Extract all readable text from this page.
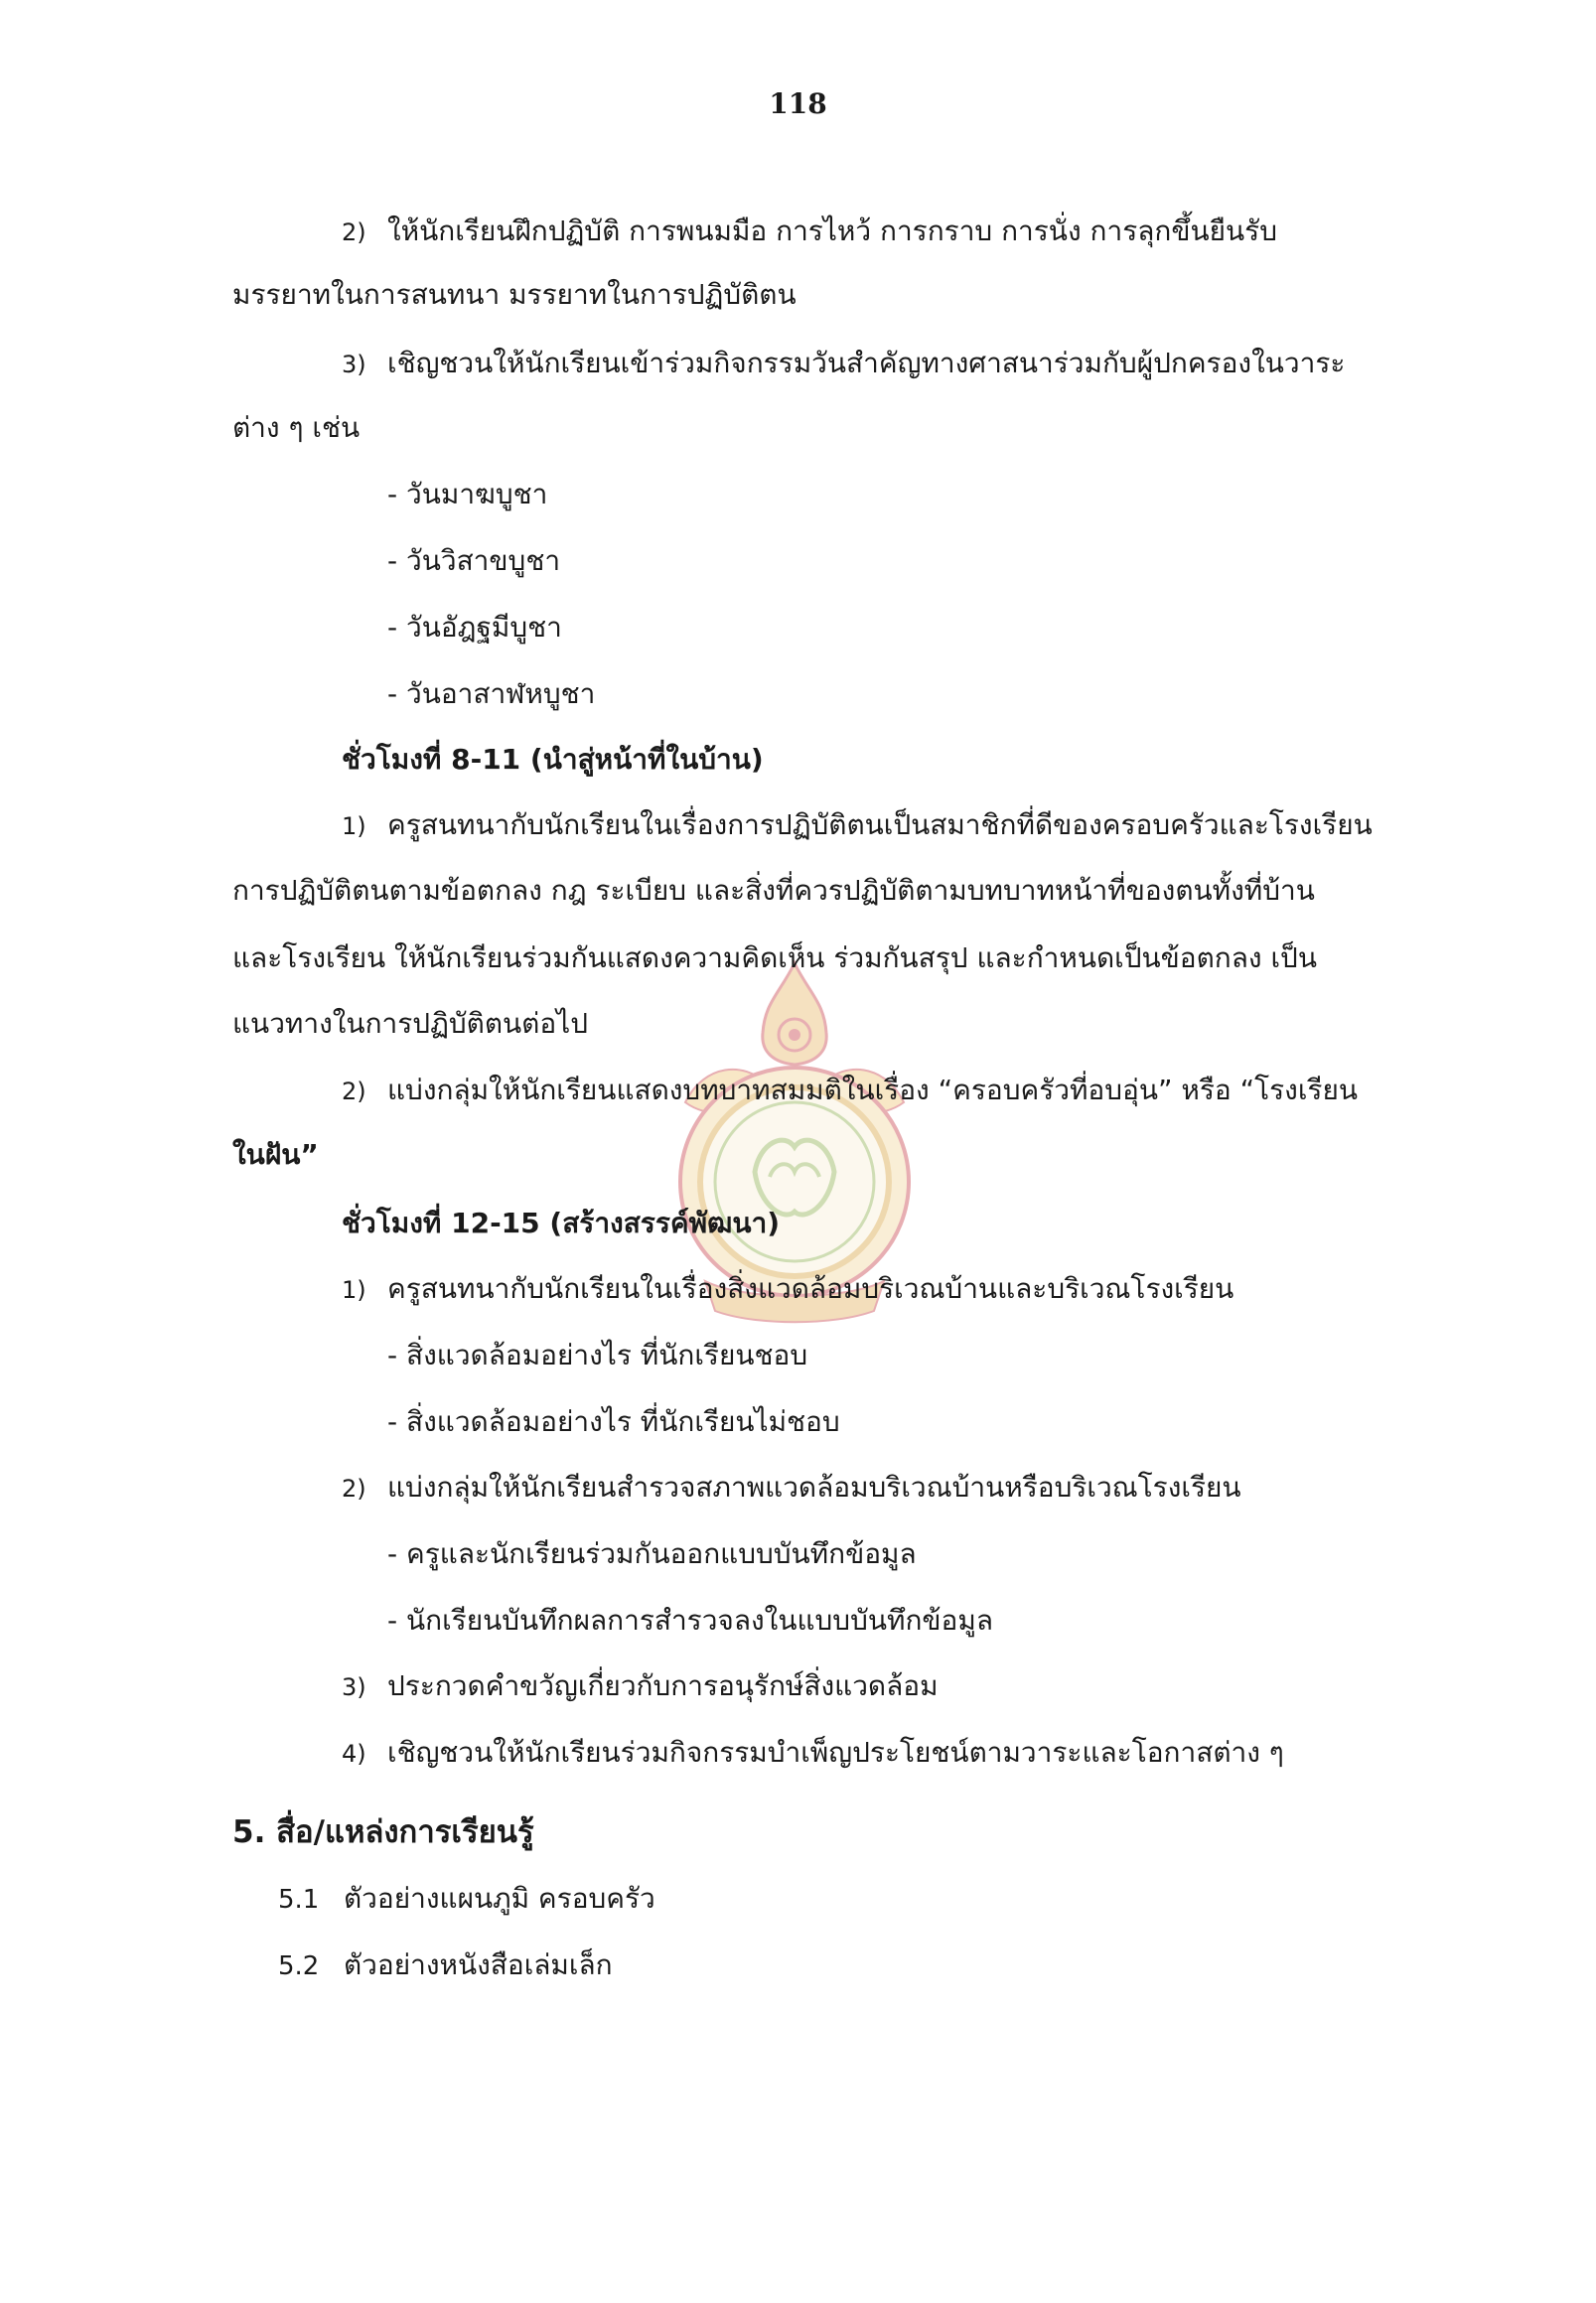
118
2) ให้นักเรียนฝึกปฏิบัติ การพนมมือ การไหว้ การกราบ การนั่ง การลุกขึ้นยืนรับ
มรรยาทในการสนทนา มรรยาทในการปฏิบัติตน
3) เชิญชวนให้นักเรียนเข้าร่วมกิจกรรมวันสำคัญทางศาสนาร่วมกับผู้ปกครองในวาระ
ต่าง ๆ เช่น
- วันมาฆบูชา
- วันวิสาขบูชา
- วันอัฎฐมีบูชา
- วันอาสาฬหบูชา
ชั่วโมงที่ 8-11 (นำสู่หน้าที่ในบ้าน)
1) ครูสนทนากับนักเรียนในเรื่องการปฏิบัติตนเป็นสมาชิกที่ดีของครอบครัวและโรงเรียน
การปฏิบัติตนตามข้อตกลง กฎ ระเบียบ และสิ่งที่ควรปฏิบัติตามบทบาทหน้าที่ของตนทั้งที่บ้าน
และโรงเรียน ให้นักเรียนร่วมกันแสดงความคิดเห็น ร่วมกันสรุป และกำหนดเป็นข้อตกลง เป็น
แนวทางในการปฏิบัติตนต่อไป
2) แบ่งกลุ่มให้นักเรียนแสดงบทบาทสมมติในเรื่อง “ครอบครัวที่อบอุ่น” หรือ “โรงเรียน
ในฝัน”
ชั่วโมงที่ 12-15 (สร้างสรรค์พัฒนา)
1) ครูสนทนากับนักเรียนในเรื่องสิ่งแวดล้อมบริเวณบ้านและบริเวณโรงเรียน
- สิ่งแวดล้อมอย่างไร ที่นักเรียนชอบ
- สิ่งแวดล้อมอย่างไร ที่นักเรียนไม่ชอบ
2) แบ่งกลุ่มให้นักเรียนสำรวจสภาพแวดล้อมบริเวณบ้านหรือบริเวณโรงเรียน
- ครูและนักเรียนร่วมกันออกแบบบันทึกข้อมูล
- นักเรียนบันทึกผลการสำรวจลงในแบบบันทึกข้อมูล
3) ประกวดคำขวัญเกี่ยวกับการอนุรักษ์สิ่งแวดล้อม
4) เชิญชวนให้นักเรียนร่วมกิจกรรมบำเพ็ญประโยชน์ตามวาระและโอกาสต่าง ๆ
5. สื่อ/แหล่งการเรียนรู้
5.1 ตัวอย่างแผนภูมิ ครอบครัว
5.2 ตัวอย่างหนังสือเล่มเล็ก
